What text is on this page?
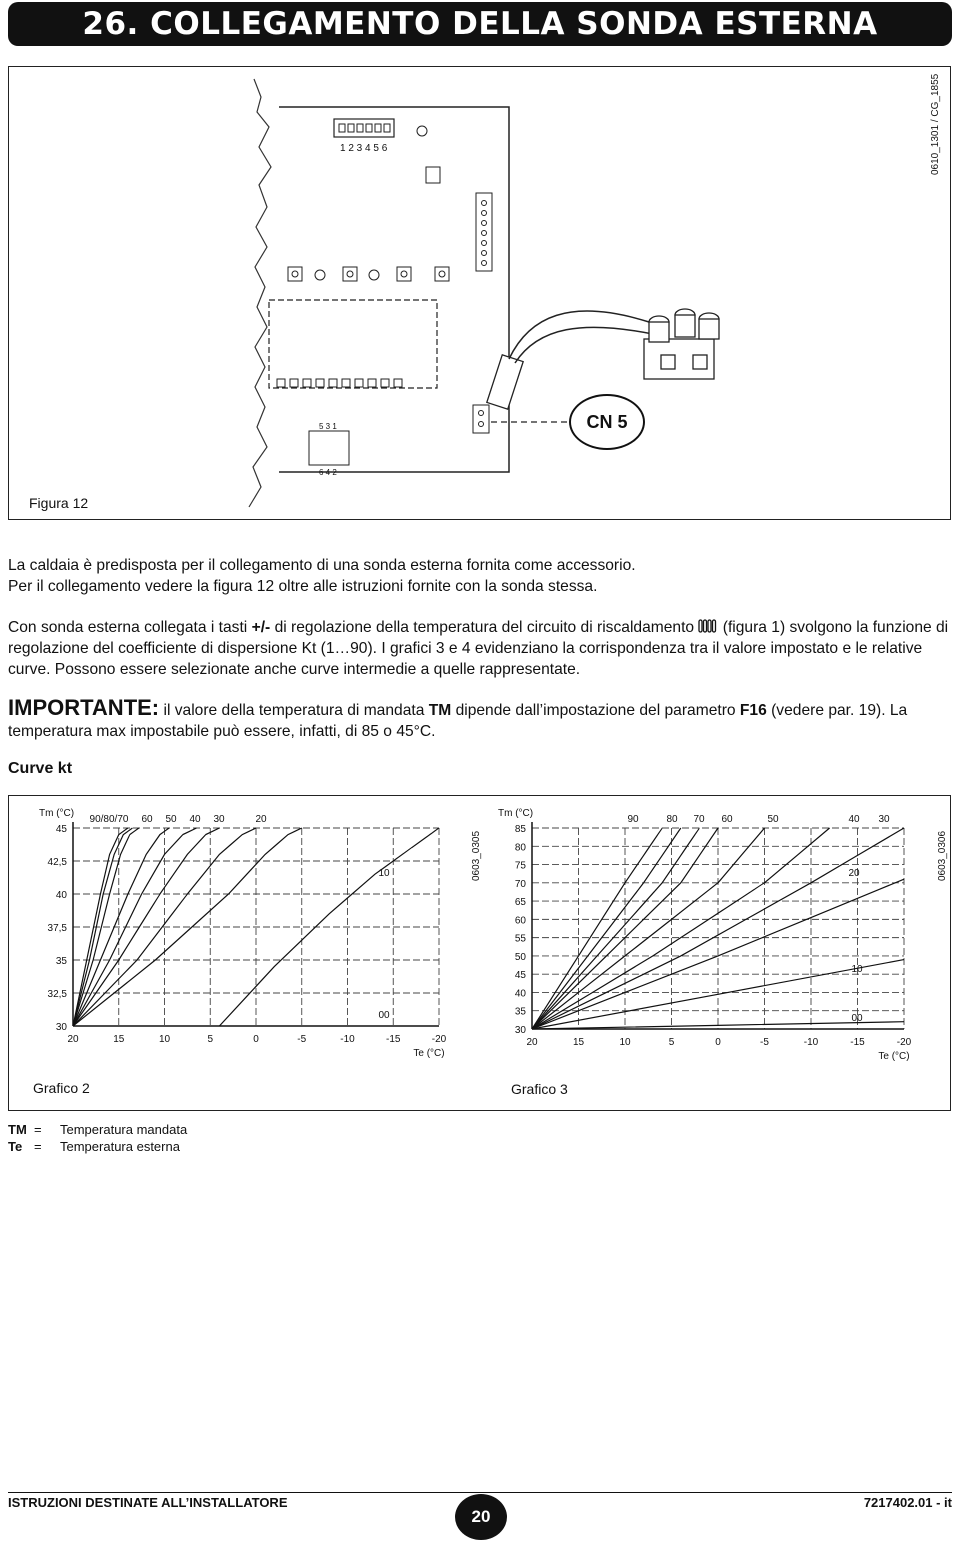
26. COLLEGAMENTO DELLA SONDA ESTERNA
1 2 3 4 5 6
5 3 1
6 4 2
CN 5
0610_1301 / CG_1855
Figura 12

La caldaia è predisposta per il collegamento di una sonda esterna fornita come accessorio.
Per il collegamento vedere la figura 12 oltre alle istruzioni fornite con la sonda stessa.

Con sonda esterna collegata i tasti +/- di regolazione della temperatura del circuito di riscaldamento  (figura 1) svolgono la funzione di regolazione del coefficiente di dispersione Kt (1…90). I grafici 3 e 4 evidenziano la corrispondenza tra il valore impostato e le relative curve. Possono essere selezionate anche curve intermedie a quelle rappresentate.

IMPORTANTE: il valore della temperatura di mandata TM dipende dall’impostazione del parametro F16 (vedere par. 19). La temperatura max impostabile può essere, infatti, di 85 o 45°C.

Curve kt
20	15	10	5	0	-5	-10	-15	-20
30
32,5
35
37,5
40
42,5
45
Tm (°C)
Te (°C)
90/80/70 60 50 40 30	20
10
00
0603_0305
20	15	10	5	0	-5	-10	-15	-20
30
35
40
45
50
55
60
65
70
75
80
85
Tm (°C)
Te (°C)
90	80 70 60	50	40 30
20
10
00
0603_0306
Grafico 2	Grafico 3
TM =	Temperatura mandata
Te =	Temperatura esterna
ISTRUZIONI DESTINATE ALL’INSTALLATORE
20
7217402.01 - it
